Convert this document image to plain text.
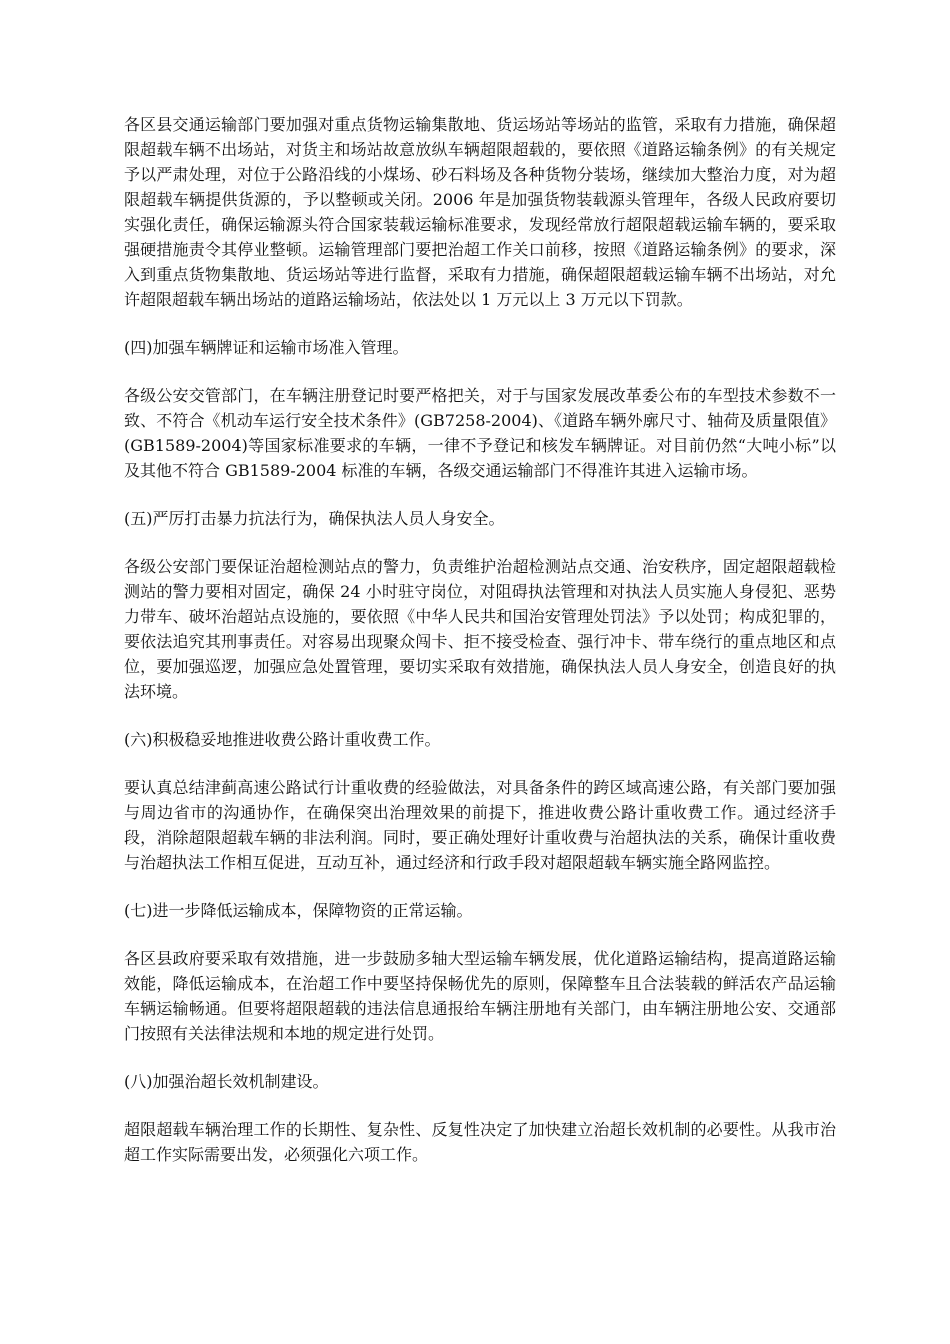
各区县交通运输部门要加强对重点货物运输集散地、货运场站等场站的监管，采取有力措施，确保超限超载车辆不出场站，对货主和场站故意放纵车辆超限超载的，要依照《道路运输条例》的有关规定予以严肃处理，对位于公路沿线的小煤场、砂石料场及各种货物分装场，继续加大整治力度，对为超限超载车辆提供货源的，予以整顿或关闭。2006 年是加强货物装载源头管理年，各级人民政府要切实强化责任，确保运输源头符合国家装载运输标准要求，发现经常放行超限超载运输车辆的，要采取强硬措施责令其停业整顿。运输管理部门要把治超工作关口前移，按照《道路运输条例》的要求，深入到重点货物集散地、货运场站等进行监督，采取有力措施，确保超限超载运输车辆不出场站，对允许超限超载车辆出场站的道路运输场站，依法处以 1 万元以上 3 万元以下罚款。

(四)加强车辆牌证和运输市场准入管理。

各级公安交管部门，在车辆注册登记时要严格把关，对于与国家发展改革委公布的车型技术参数不一致、不符合《机动车运行安全技术条件》(GB7258-2004)、《道路车辆外廓尺寸、轴荷及质量限值》(GB1589-2004)等国家标准要求的车辆，一律不予登记和核发车辆牌证。对目前仍然“大吨小标”以及其他不符合 GB1589-2004 标准的车辆，各级交通运输部门不得准许其进入运输市场。

(五)严厉打击暴力抗法行为，确保执法人员人身安全。

各级公安部门要保证治超检测站点的警力，负责维护治超检测站点交通、治安秩序，固定超限超载检测站的警力要相对固定，确保 24 小时驻守岗位，对阻碍执法管理和对执法人员实施人身侵犯、恶势力带车、破坏治超站点设施的，要依照《中华人民共和国治安管理处罚法》予以处罚；构成犯罪的，要依法追究其刑事责任。对容易出现聚众闯卡、拒不接受检查、强行冲卡、带车绕行的重点地区和点位，要加强巡逻，加强应急处置管理，要切实采取有效措施，确保执法人员人身安全，创造良好的执法环境。

(六)积极稳妥地推进收费公路计重收费工作。

要认真总结津蓟高速公路试行计重收费的经验做法，对具备条件的跨区域高速公路，有关部门要加强与周边省市的沟通协作，在确保突出治理效果的前提下，推进收费公路计重收费工作。通过经济手段，消除超限超载车辆的非法利润。同时，要正确处理好计重收费与治超执法的关系，确保计重收费与治超执法工作相互促进，互动互补，通过经济和行政手段对超限超载车辆实施全路网监控。

(七)进一步降低运输成本，保障物资的正常运输。

各区县政府要采取有效措施，进一步鼓励多轴大型运输车辆发展，优化道路运输结构，提高道路运输效能，降低运输成本，在治超工作中要坚持保畅优先的原则，保障整车且合法装载的鲜活农产品运输车辆运输畅通。但要将超限超载的违法信息通报给车辆注册地有关部门，由车辆注册地公安、交通部门按照有关法律法规和本地的规定进行处罚。

(八)加强治超长效机制建设。

超限超载车辆治理工作的长期性、复杂性、反复性决定了加快建立治超长效机制的必要性。从我市治超工作实际需要出发，必须强化六项工作。
